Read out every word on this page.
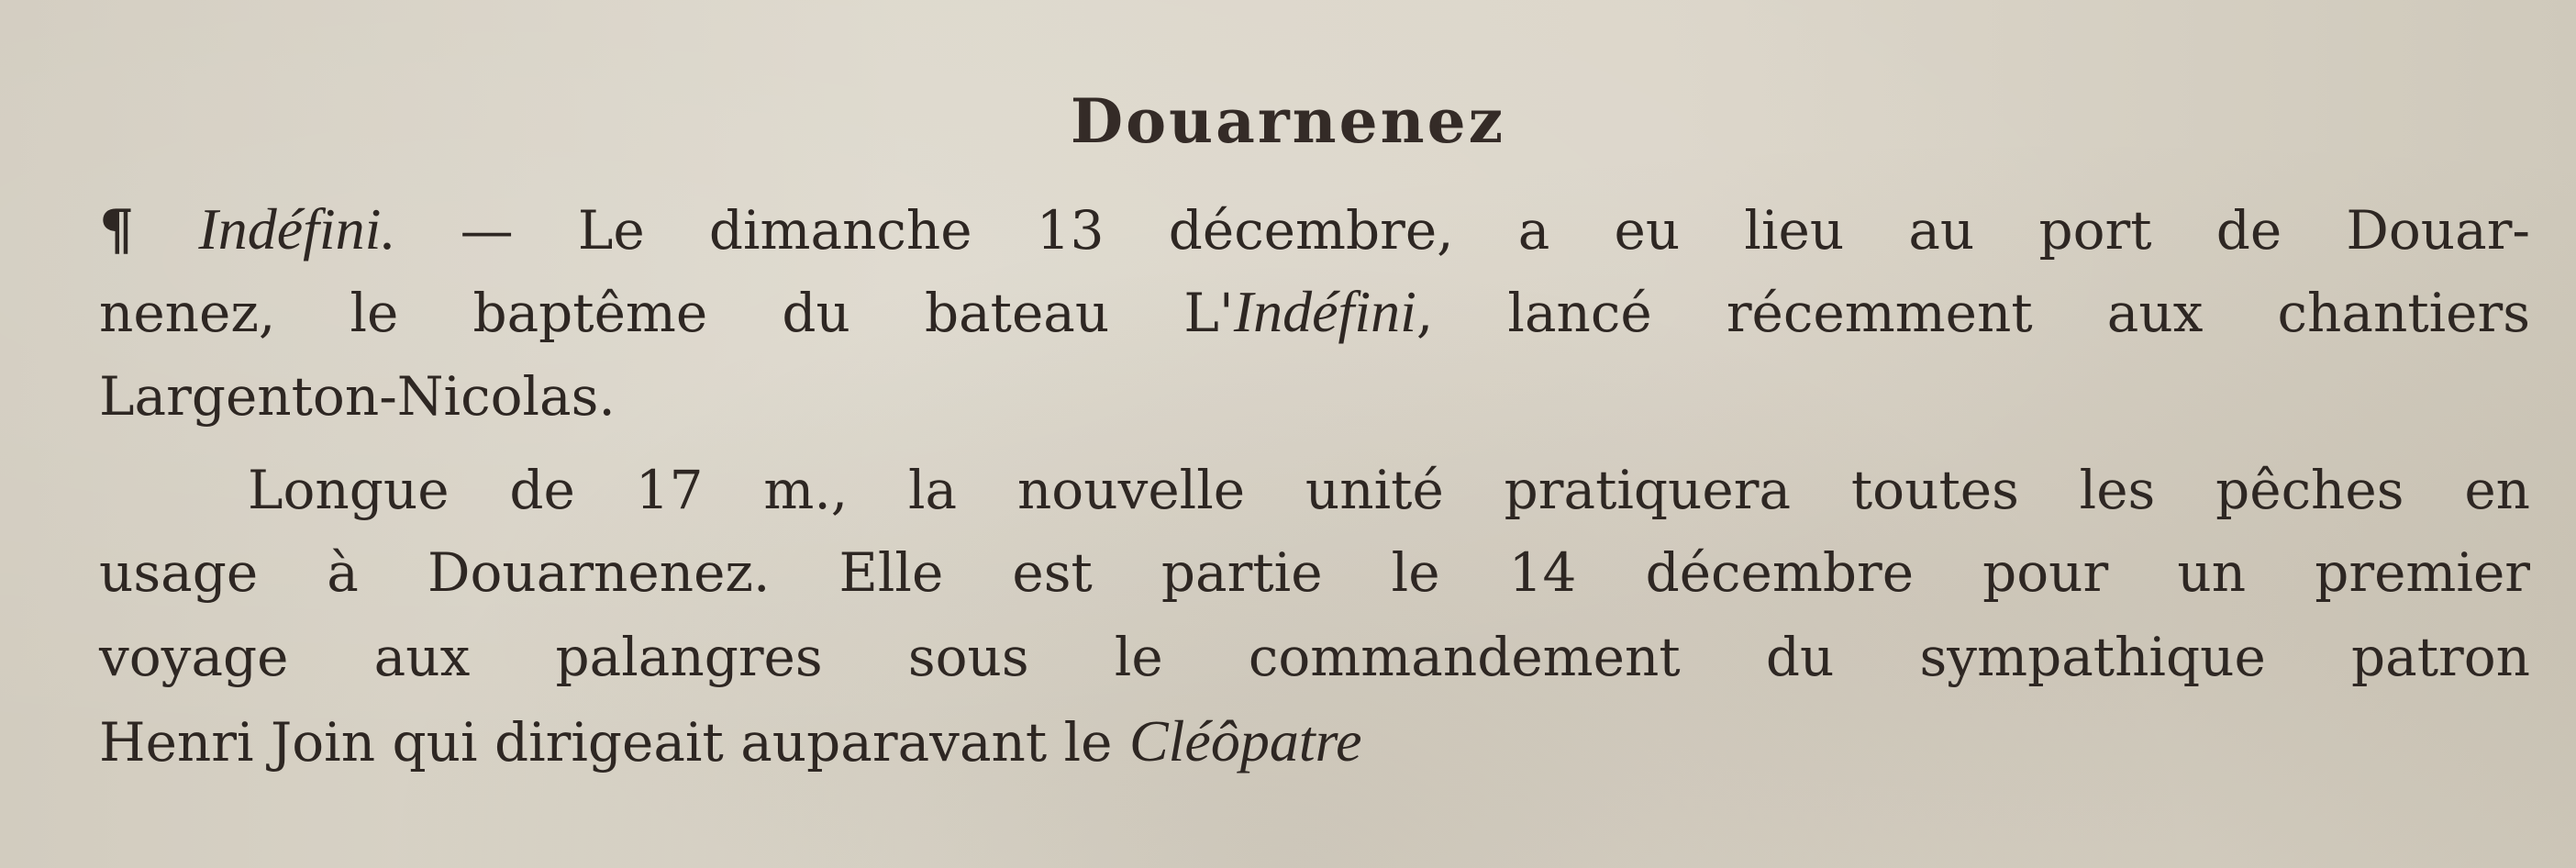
Douarnenez
¶ Indéfini. — Le dimanche 13 décembre, a eu lieu au port de Douar-
nenez, le baptême du bateau L'Indéfini, lancé récemment aux chantiers
Largenton-Nicolas.
Longue de 17 m., la nouvelle unité pratiquera toutes les pêches en
usage à Douarnenez. Elle est partie le 14 décembre pour un premier
voyage aux palangres sous le commandement du sympathique patron
Henri Join qui dirigeait auparavant le Cléôpatre
